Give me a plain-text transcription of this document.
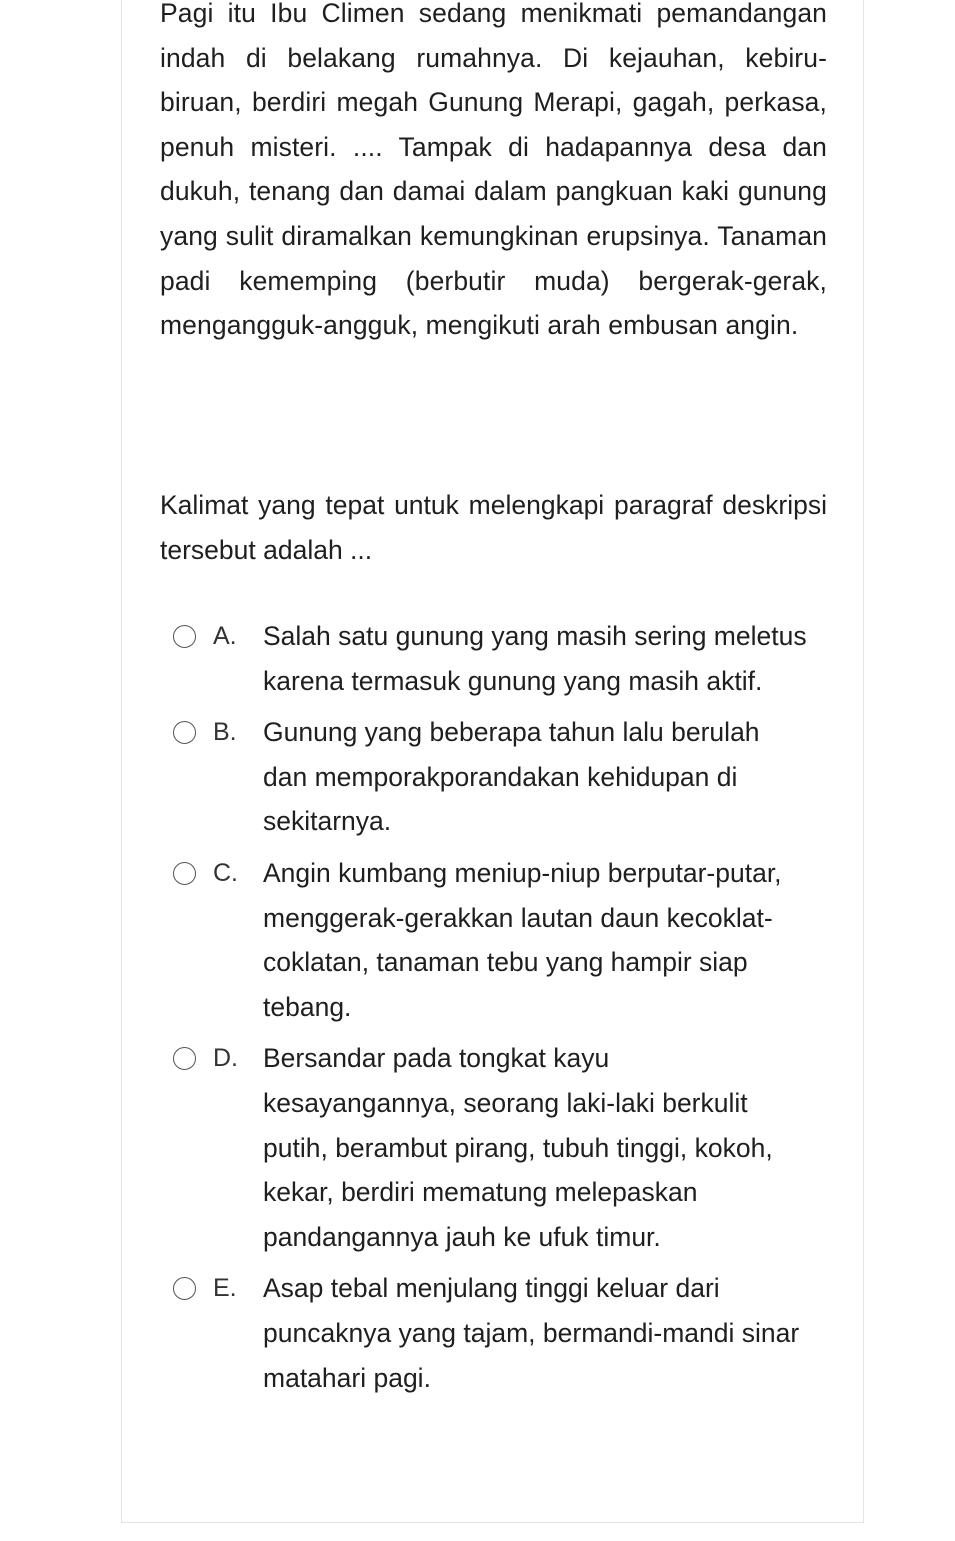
Pagi itu Ibu Climen sedang menikmati pemandangan indah di belakang rumahnya. Di kejauhan, kebiru-biruan, berdiri megah Gunung Merapi, gagah, perkasa, penuh misteri. .... Tampak di hadapannya desa dan dukuh, tenang dan damai dalam pangkuan kaki gunung yang sulit diramalkan kemungkinan erupsinya. Tanaman padi kememping (berbutir muda) bergerak-gerak, mengangguk-angguk, mengikuti arah embusan angin.

Kalimat yang tepat untuk melengkapi paragraf deskripsi tersebut adalah ...

A. Salah satu gunung yang masih sering meletus karena termasuk gunung yang masih aktif.
B. Gunung yang beberapa tahun lalu berulah dan memporakporandakan kehidupan di sekitarnya.
C. Angin kumbang meniup-niup berputar-putar, menggerak-gerakkan lautan daun kecoklat-coklatan, tanaman tebu yang hampir siap tebang.
D. Bersandar pada tongkat kayu kesayangannya, seorang laki-laki berkulit putih, berambut pirang, tubuh tinggi, kokoh, kekar, berdiri mematung melepaskan pandangannya jauh ke ufuk timur.
E. Asap tebal menjulang tinggi keluar dari puncaknya yang tajam, bermandi-mandi sinar matahari pagi.
